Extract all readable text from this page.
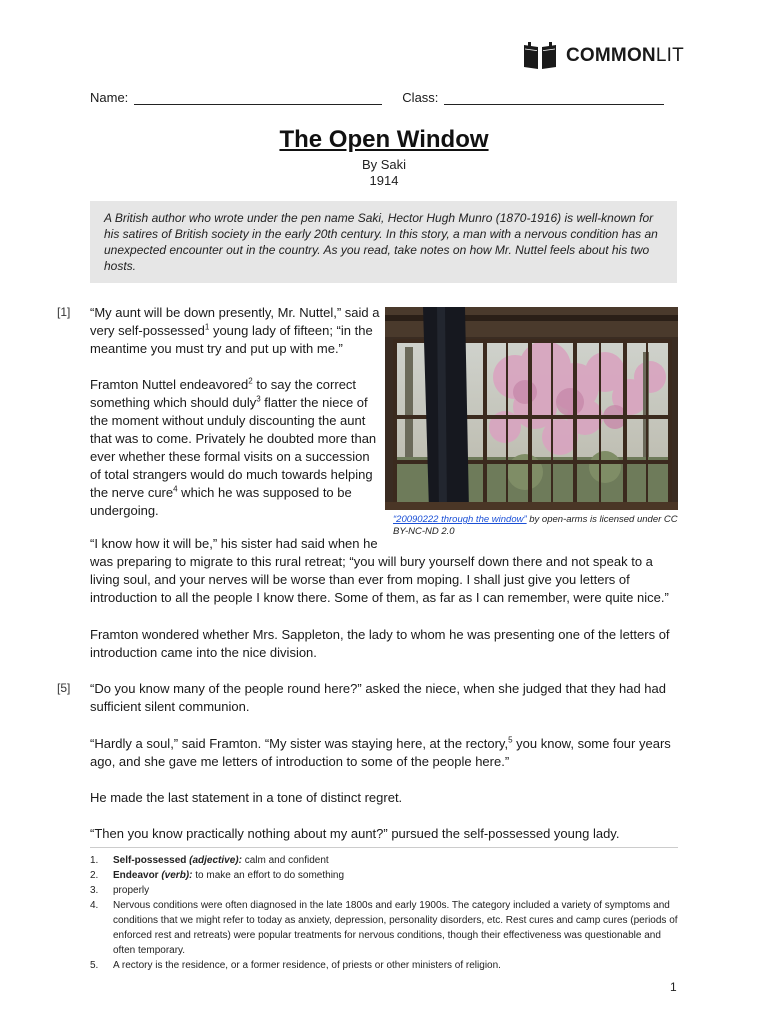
COMMONLIT
Name:	Class:
The Open Window
By Saki
1914
A British author who wrote under the pen name Saki, Hector Hugh Munro (1870-1916) is well-known for his satires of British society in the early 20th century. In this story, a man with a nervous condition has an unexpected encounter out in the country. As you read, take notes on how Mr. Nuttel feels about his two hosts.
[1]
[5]
“My aunt will be down presently, Mr. Nuttel,” said a very self-possessed$^1$ young lady of fifteen; “in the meantime you must try and put up with me.”
Framton Nuttel endeavored$^2$ to say the correct something which should duly$^3$ flatter the niece of the moment without unduly discounting the aunt that was to come. Privately he doubted more than ever whether these formal visits on a succession of total strangers would do much towards helping the nerve cure$^4$ which he was supposed to be undergoing.
“20090222 through the window” by open-arms is licensed under CC BY-NC-ND 2.0
“I know how it will be,” his sister had said when he
was preparing to migrate to this rural retreat; “you will bury yourself down there and not speak to a living soul, and your nerves will be worse than ever from moping. I shall just give you letters of introduction to all the people I know there. Some of them, as far as I can remember, were quite nice.”
Framton wondered whether Mrs. Sappleton, the lady to whom he was presenting one of the letters of introduction came into the nice division.
“Do you know many of the people round here?” asked the niece, when she judged that they had had sufficient silent communion.
“Hardly a soul,” said Framton. “My sister was staying here, at the rectory,$^5$ you know, some four years ago, and she gave me letters of introduction to some of the people here.”
He made the last statement in a tone of distinct regret.
“Then you know practically nothing about my aunt?” pursued the self-possessed young lady.
1.	Self-possessed (adjective): calm and confident
2.	Endeavor (verb): to make an effort to do something
3.	properly
4.	Nervous conditions were often diagnosed in the late 1800s and early 1900s. The category included a variety of symptoms and conditions that we might refer to today as anxiety, depression, personality disorders, etc. Rest cures and camp cures (periods of enforced rest and retreats) were popular treatments for nervous conditions, though their effectiveness was questionable and often temporary.
5.	A rectory is the residence, or a former residence, of priests or other ministers of religion.
1
